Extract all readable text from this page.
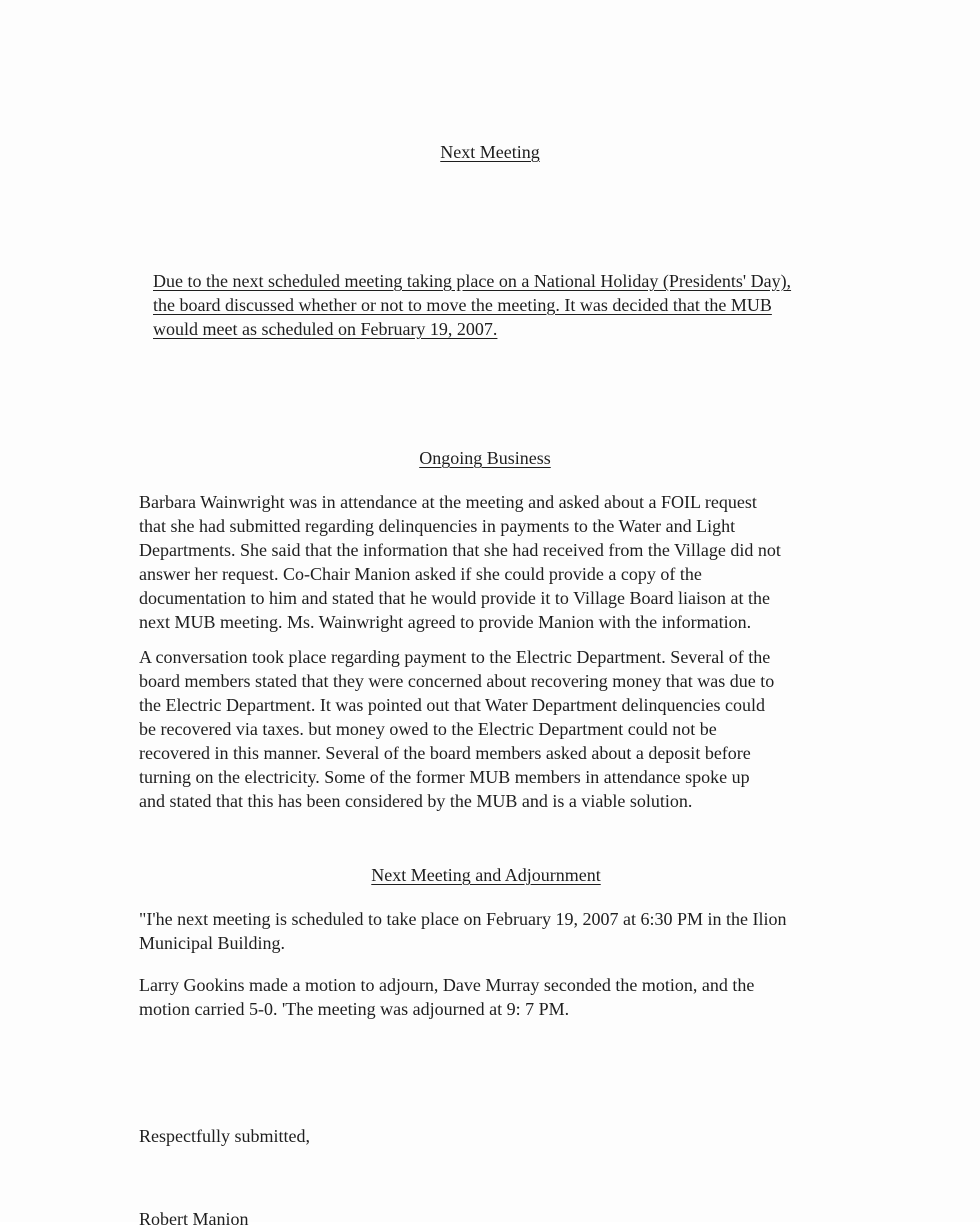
Next Meeting

Due to the next scheduled meeting taking place on a National Holiday (Presidents' Day),
the board discussed whether or not to move the meeting. It was decided that the MUB
would meet as scheduled on February 19, 2007.

Ongoing Business

Barbara Wainwright was in attendance at the meeting and asked about a FOIL request
that she had submitted regarding delinquencies in payments to the Water and Light
Departments. She said that the information that she had received from the Village did not
answer her request. Co-Chair Manion asked if she could provide a copy of the
documentation to him and stated that he would provide it to Village Board liaison at the
next MUB meeting. Ms. Wainwright agreed to provide Manion with the information.

A conversation took place regarding payment to the Electric Department. Several of the
board members stated that they were concerned about recovering money that was due to
the Electric Department. It was pointed out that Water Department delinquencies could
be recovered via taxes. but money owed to the Electric Department could not be
recovered in this manner. Several of the board members asked about a deposit before
turning on the electricity. Some of the former MUB members in attendance spoke up
and stated that this has been considered by the MUB and is a viable solution.

Next Meeting and Adjournment

"I'he next meeting is scheduled to take place on February 19, 2007 at 6:30 PM in the Ilion
Municipal Building.

Larry Gookins made a motion to adjourn, Dave Murray seconded the motion, and the
motion carried 5-0. 'The meeting was adjourned at 9: 7 PM.

Respectfully submitted,

Robert Manion
